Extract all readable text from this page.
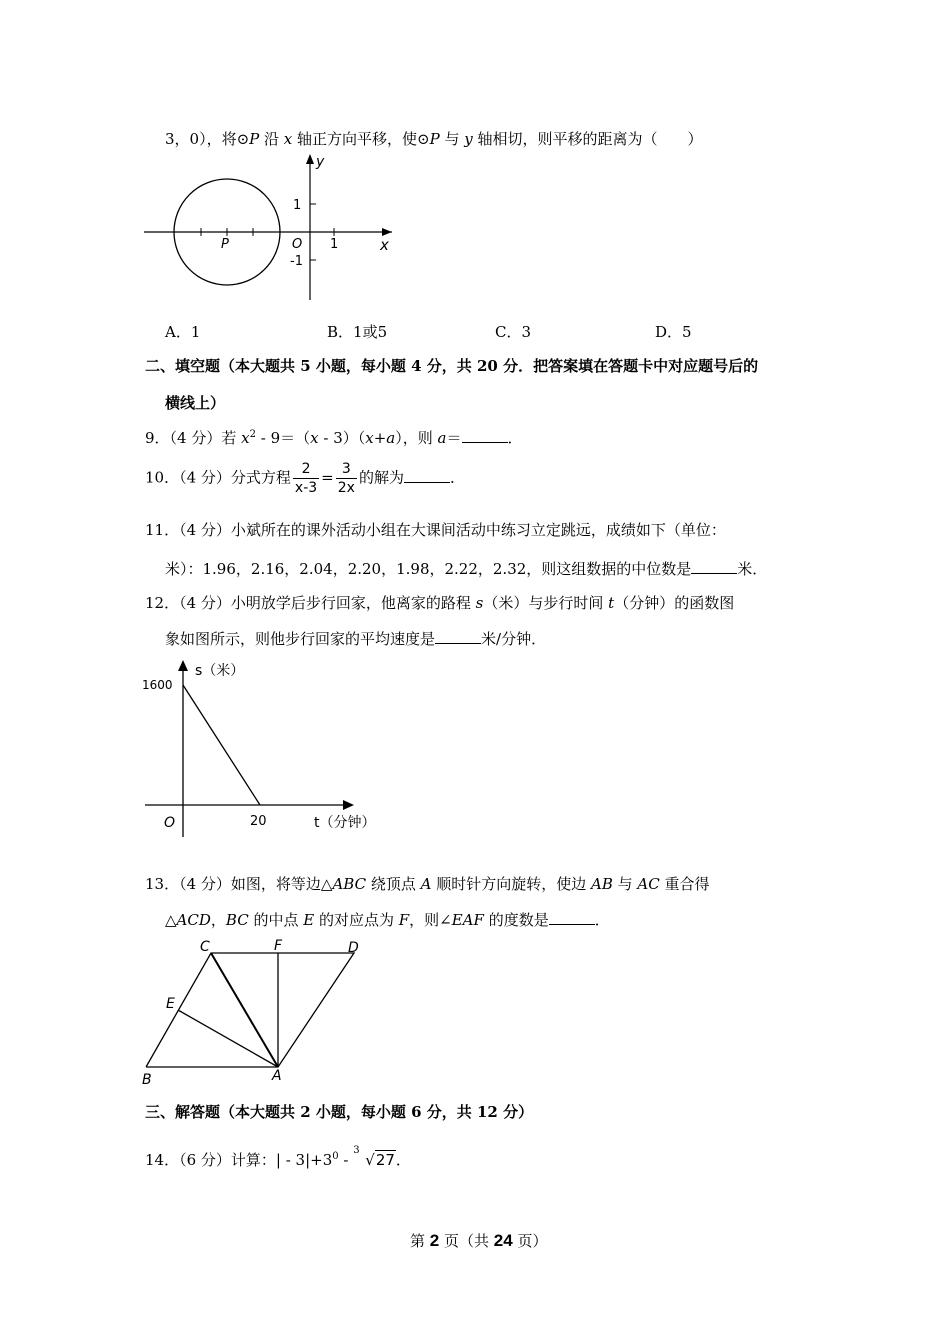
3，0），将⊙P 沿 x 轴正方向平移，使⊙P 与 y 轴相切，则平移的距离为（　　）
y
x
P	O 1
1
-1
A．1	B．1或5	C．3	D．5
二、填空题（本大题共 5 小题，每小题 4 分，共 20 分．把答案填在答题卡中对应题号后的
横线上）
9．（4 分）若 $x^2 - 9=(x - 3)(x+a)$，则 a＝	．
10．（4 分）分式方程 $\frac{2}{x-3} = \frac{3}{2x}$ 的解为	．
11．（4 分）小斌所在的课外活动小组在大课间活动中练习立定跳远，成绩如下（单位：
米）：1.96，2.16，2.04，2.20，1.98，2.22，2.32，则这组数据的中位数是	米．
12．（4 分）小明放学后步行回家，他离家的路程 s（米）与步行时间 t（分钟）的函数图
象如图所示，则他步行回家的平均速度是	米/分钟．
s（米）
1600
O	20	t（分钟）
13．（4 分）如图，将等边△ABC 绕顶点 A 顺时针方向旋转，使边 AB 与 AC 重合得
△ACD，BC 的中点 E 的对应点为 F，则∠EAF 的度数是	．
C	F	D
E
B	A
三、解答题（本大题共 2 小题，每小题 6 分，共 12 分）
14．（6 分）计算：| - $3|+3^0$ -
3
√27．
第 2 页（共 24 页）
